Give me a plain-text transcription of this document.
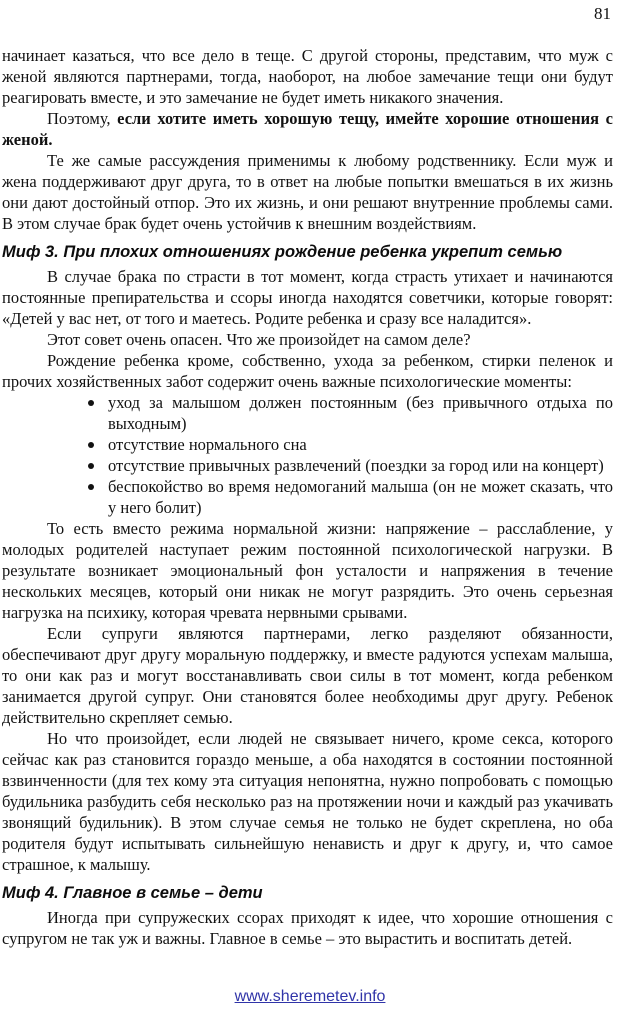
81

начинает казаться, что все дело в теще. С другой стороны, представим, что муж с женой являются партнерами, тогда, наоборот, на любое замечание тещи они будут реагировать вместе, и это замечание не будет иметь никакого значения.

Поэтому, если хотите иметь хорошую тещу, имейте хорошие отношения с женой.

Те же самые рассуждения применимы к любому родственнику. Если муж и жена поддерживают друг друга, то в ответ на любые попытки вмешаться в их жизнь они дают достойный отпор. Это их жизнь, и они решают внутренние проблемы сами. В этом случае брак будет очень устойчив к внешним воздействиям.

Миф 3. При плохих отношениях рождение ребенка укрепит семью

В случае брака по страсти в тот момент, когда страсть утихает и начинаются постоянные препирательства и ссоры иногда находятся советчики, которые говорят: «Детей у вас нет, от того и маетесь. Родите ребенка и сразу все наладится».

Этот совет очень опасен. Что же произойдет на самом деле?

Рождение ребенка кроме, собственно, ухода за ребенком, стирки пеленок и прочих хозяйственных забот содержит очень важные психологические моменты:

уход за малышом должен постоянным (без привычного отдыха по выходным)
отсутствие нормального сна
отсутствие привычных развлечений (поездки за город или на концерт)
беспокойство во время недомоганий малыша (он не может сказать, что у него болит)

То есть вместо режима нормальной жизни: напряжение – расслабление, у молодых родителей наступает режим постоянной психологической нагрузки. В результате возникает эмоциональный фон усталости и напряжения в течение нескольких месяцев, который они никак не могут разрядить. Это очень серьезная нагрузка на психику, которая чревата нервными срывами.

Если супруги являются партнерами, легко разделяют обязанности, обеспечивают друг другу моральную поддержку, и вместе радуются успехам малыша, то они как раз и могут восстанавливать свои силы в тот момент, когда ребенком занимается другой супруг. Они становятся более необходимы друг другу. Ребенок действительно скрепляет семью.

Но что произойдет, если людей не связывает ничего, кроме секса, которого сейчас как раз становится гораздо меньше, а оба находятся в состоянии постоянной взвинченности (для тех кому эта ситуация непонятна, нужно попробовать с помощью будильника разбудить себя несколько раз на протяжении ночи и каждый раз укачивать звонящий будильник). В этом случае семья не только не будет скреплена, но оба родителя будут испытывать сильнейшую ненависть и друг к другу, и, что самое страшное, к малышу.

Миф 4. Главное в семье – дети

Иногда при супружеских ссорах приходят к идее, что хорошие отношения с супругом не так уж и важны. Главное в семье – это вырастить и воспитать детей.

www.sheremetev.info
